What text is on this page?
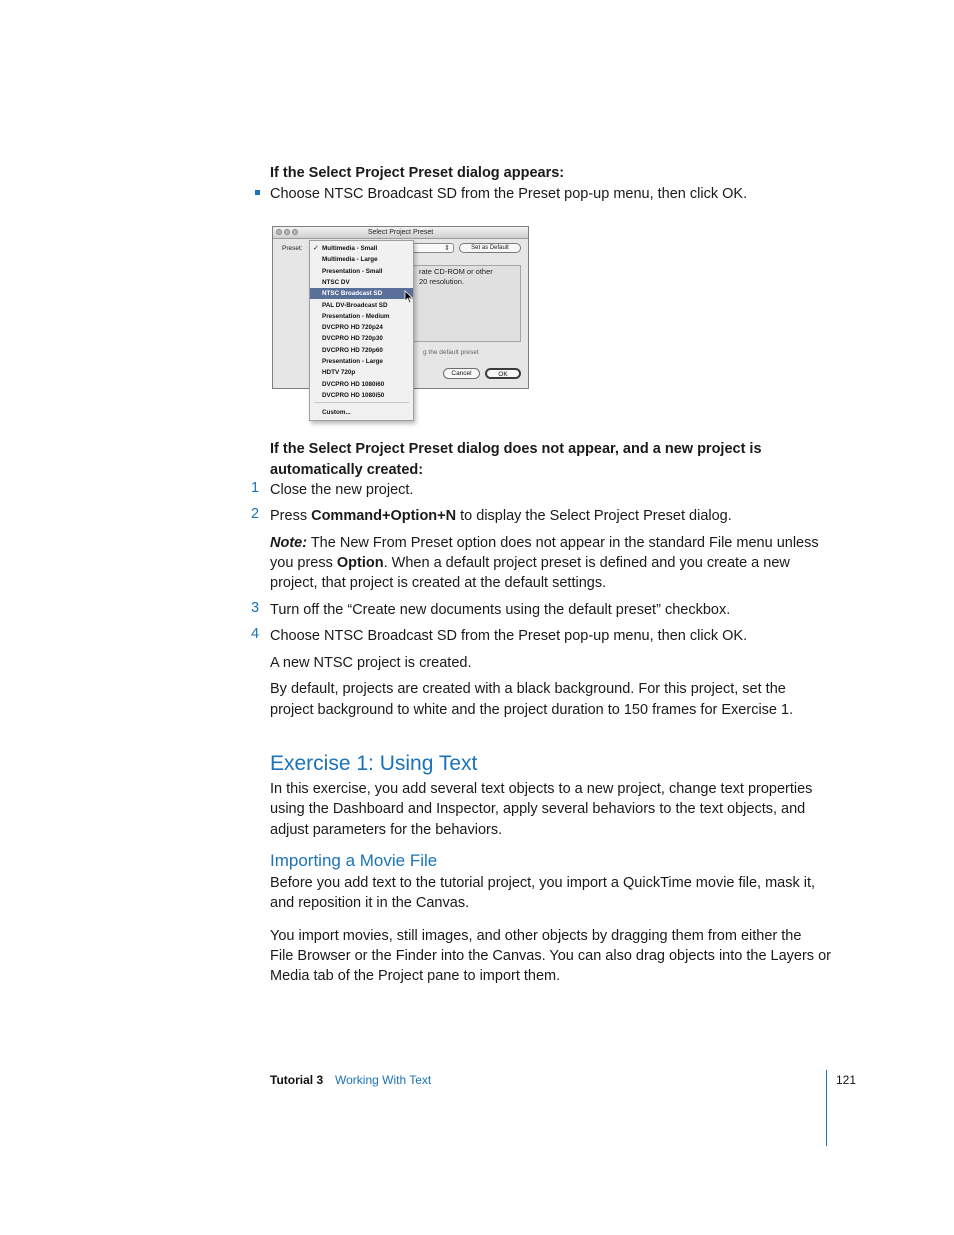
If the Select Project Preset dialog appears:
Choose NTSC Broadcast SD from the Preset pop-up menu, then click OK.
Select Project Preset
Preset:	⇕	Set as Default
rate CD-ROM or other
20 resolution.
g the default preset
Cancel	OK
✓ Multimedia - Small
Multimedia - Large
Presentation - Small
NTSC DV
NTSC Broadcast SD
PAL DV-Broadcast SD
Presentation - Medium
DVCPRO HD 720p24
DVCPRO HD 720p30
DVCPRO HD 720p60
Presentation - Large
HDTV 720p
DVCPRO HD 1080i60
DVCPRO HD 1080i50
Custom...
If the Select Project Preset dialog does not appear, and a new project is
automatically created:
1 Close the new project.
2 Press Command+Option+N to display the Select Project Preset dialog.
Note: The New From Preset option does not appear in the standard File menu unless
you press Option. When a default project preset is defined and you create a new
project, that project is created at the default settings.
3 Turn off the “Create new documents using the default preset” checkbox.
4 Choose NTSC Broadcast SD from the Preset pop-up menu, then click OK.
A new NTSC project is created.
By default, projects are created with a black background. For this project, set the
project background to white and the project duration to 150 frames for Exercise 1.
Exercise 1: Using Text
In this exercise, you add several text objects to a new project, change text properties
using the Dashboard and Inspector, apply several behaviors to the text objects, and
adjust parameters for the behaviors.
Importing a Movie File
Before you add text to the tutorial project, you import a QuickTime movie file, mask it,
and reposition it in the Canvas.
You import movies, still images, and other objects by dragging them from either the
File Browser or the Finder into the Canvas. You can also drag objects into the Layers or
Media tab of the Project pane to import them.
Tutorial 3 Working With Text	121
